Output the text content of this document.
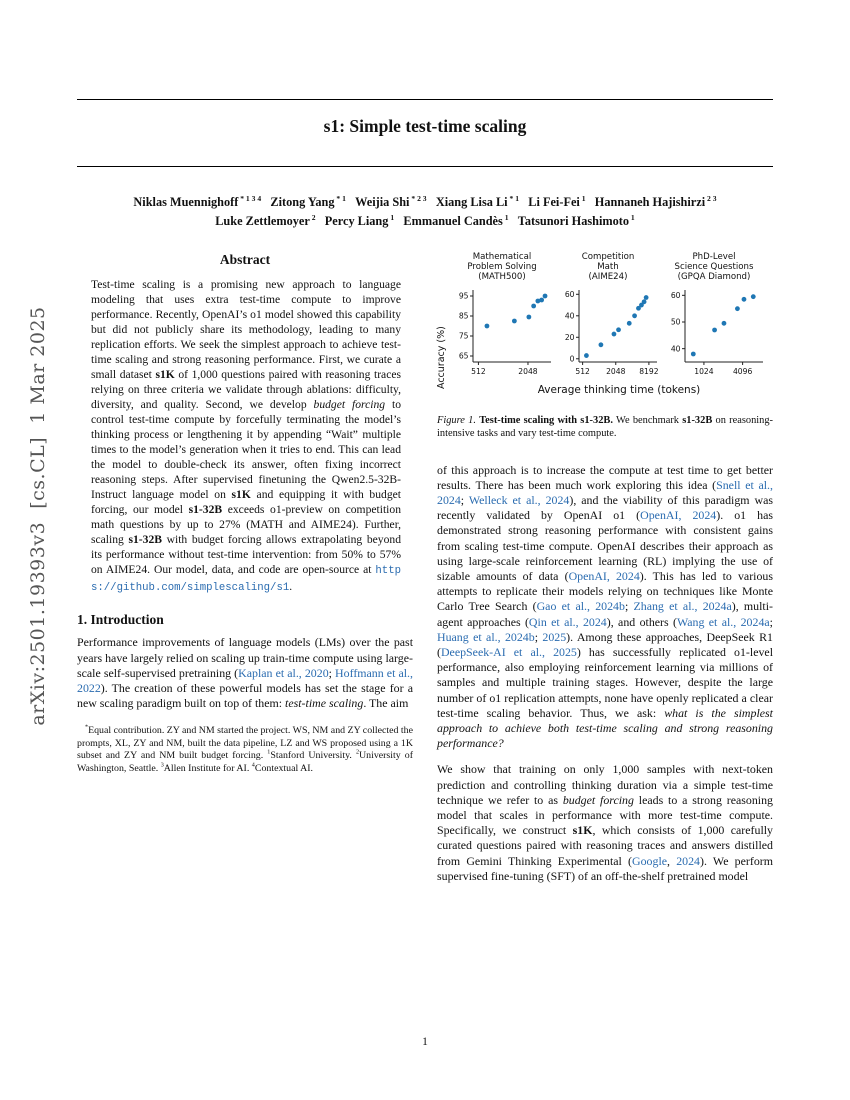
arXiv:2501.19393v3  [cs.CL]  1 Mar 2025
s1: Simple test-time scaling
Niklas Muennighoff $^{* 1 3 4}$ Zitong Yang $^{* 1}$ Weijia Shi $^{* 2 3}$ Xiang Lisa Li $^{* 1}$ Li Fei-Fei $^1$ Hannaneh Hajishirzi $^{2 3}$
Luke Zettlemoyer $^2$ Percy Liang $^1$ Emmanuel Candès $^1$ Tatsunori Hashimoto $^1$
Abstract

Test-time scaling is a promising new approach to language modeling that uses extra test-time compute to improve performance. Recently, OpenAI’s o1 model showed this capability but did not publicly share its methodology, leading to many replication efforts. We seek the simplest approach to achieve test-time scaling and strong reasoning performance. First, we curate a small dataset s1K of 1,000 questions paired with reasoning traces relying on three criteria we validate through ablations: difficulty, diversity, and quality. Second, we develop budget forcing to control test-time compute by forcefully terminating the model’s thinking process or lengthening it by appending “Wait” multiple times to the model’s generation when it tries to end. This can lead the model to double-check its answer, often fixing incorrect reasoning steps. After supervised finetuning the Qwen2.5-32B-Instruct language model on s1K and equipping it with budget forcing, our model s1-32B exceeds o1-preview on competition math questions by up to 27% (MATH and AIME24). Further, scaling s1-32B with budget forcing allows extrapolating beyond its performance without test-time intervention: from 50% to 57% on AIME24. Our model, data, and code are open-source at https://github.com/simplescaling/s1.

1. Introduction

Performance improvements of language models (LMs) over the past years have largely relied on scaling up train-time compute using large-scale self-supervised pretraining (Kaplan et al., 2020; Hoffmann et al., 2022). The creation of these powerful models has set the stage for a new scaling paradigm built on top of them: test-time scaling. The aim

*Equal contribution. ZY and NM started the project. WS, NM and ZY collected the prompts, XL, ZY and NM, built the data pipeline, LZ and WS proposed using a 1K subset and ZY and NM built budget forcing. $^1$Stanford University. $^2$University of Washington, Seattle. $^3$Allen Institute for AI. $^4$Contextual AI.
Accuracy (%)
Mathematical
Problem Solving
(MATH500)
65
75
85
95
512	2048
Competition
Math
(AIME24)
0
20
40
60
512 2048 8192
PhD-Level
Science Questions
(GPQA Diamond)
40
50
60
1024	4096
Average thinking time (tokens)

Figure 1. Test-time scaling with s1-32B. We benchmark s1-32B on reasoning-intensive tasks and vary test-time compute.

of this approach is to increase the compute at test time to get better results. There has been much work exploring this idea (Snell et al., 2024; Welleck et al., 2024), and the viability of this paradigm was recently validated by OpenAI o1 (OpenAI, 2024). o1 has demonstrated strong reasoning performance with consistent gains from scaling test-time compute. OpenAI describes their approach as using large-scale reinforcement learning (RL) implying the use of sizable amounts of data (OpenAI, 2024). This has led to various attempts to replicate their models relying on techniques like Monte Carlo Tree Search (Gao et al., 2024b; Zhang et al., 2024a), multi-agent approaches (Qin et al., 2024), and others (Wang et al., 2024a; Huang et al., 2024b; 2025). Among these approaches, DeepSeek R1 (DeepSeek-AI et al., 2025) has successfully replicated o1-level performance, also employing reinforcement learning via millions of samples and multiple training stages. However, despite the large number of o1 replication attempts, none have openly replicated a clear test-time scaling behavior. Thus, we ask: what is the simplest approach to achieve both test-time scaling and strong reasoning performance?

We show that training on only 1,000 samples with next-token prediction and controlling thinking duration via a simple test-time technique we refer to as budget forcing leads to a strong reasoning model that scales in performance with more test-time compute. Specifically, we construct s1K, which consists of 1,000 carefully curated questions paired with reasoning traces and answers distilled from Gemini Thinking Experimental (Google, 2024). We perform supervised fine-tuning (SFT) of an off-the-shelf pretrained model

1
